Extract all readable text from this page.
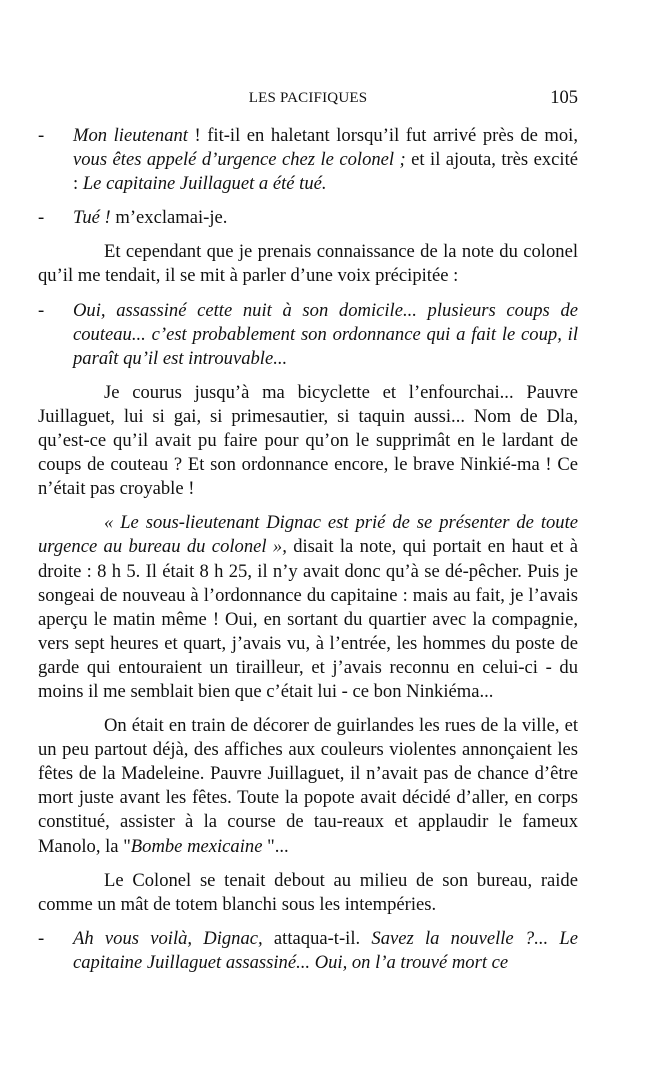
LES PACIFIQUES	105
- Mon lieutenant ! fit-il en haletant lorsqu’il fut arrivé près de moi, vous êtes appelé d’urgence chez le colonel ; et il ajouta, très excité : Le capitaine Juillaguet a été tué.
- Tué ! m’exclamai-je.
Et cependant que je prenais connaissance de la note du colonel qu’il me tendait, il se mit à parler d’une voix précipitée :
- Oui, assassiné cette nuit à son domicile... plusieurs coups de couteau... c’est probablement son ordonnance qui a fait le coup, il paraît qu’il est introuvable...
Je courus jusqu’à ma bicyclette et l’enfourchai... Pauvre Juillaguet, lui si gai, si primesautier, si taquin aussi... Nom de Dla, qu’est-ce qu’il avait pu faire pour qu’on le supprimât en le lardant de coups de couteau ? Et son ordonnance encore, le brave Ninkié-ma ! Ce n’était pas croyable !
« Le sous-lieutenant Dignac est prié de se présenter de toute urgence au bureau du colonel », disait la note, qui portait en haut et à droite : 8 h 5. Il était 8 h 25, il n’y avait donc qu’à se dé-pêcher. Puis je songeai de nouveau à l’ordonnance du capitaine : mais au fait, je l’avais aperçu le matin même ! Oui, en sortant du quartier avec la compagnie, vers sept heures et quart, j’avais vu, à l’entrée, les hommes du poste de garde qui entouraient un tirailleur, et j’avais reconnu en celui-ci - du moins il me semblait bien que c’était lui - ce bon Ninkiéma...
On était en train de décorer de guirlandes les rues de la ville, et un peu partout déjà, des affiches aux couleurs violentes annonçaient les fêtes de la Madeleine. Pauvre Juillaguet, il n’avait pas de chance d’être mort juste avant les fêtes. Toute la popote avait décidé d’aller, en corps constitué, assister à la course de tau-reaux et applaudir le fameux Manolo, la "Bombe mexicaine "...
Le Colonel se tenait debout au milieu de son bureau, raide comme un mât de totem blanchi sous les intempéries.
- Ah vous voilà, Dignac, attaqua-t-il. Savez la nouvelle ?... Le capitaine Juillaguet assassiné... Oui, on l’a trouvé mort ce
